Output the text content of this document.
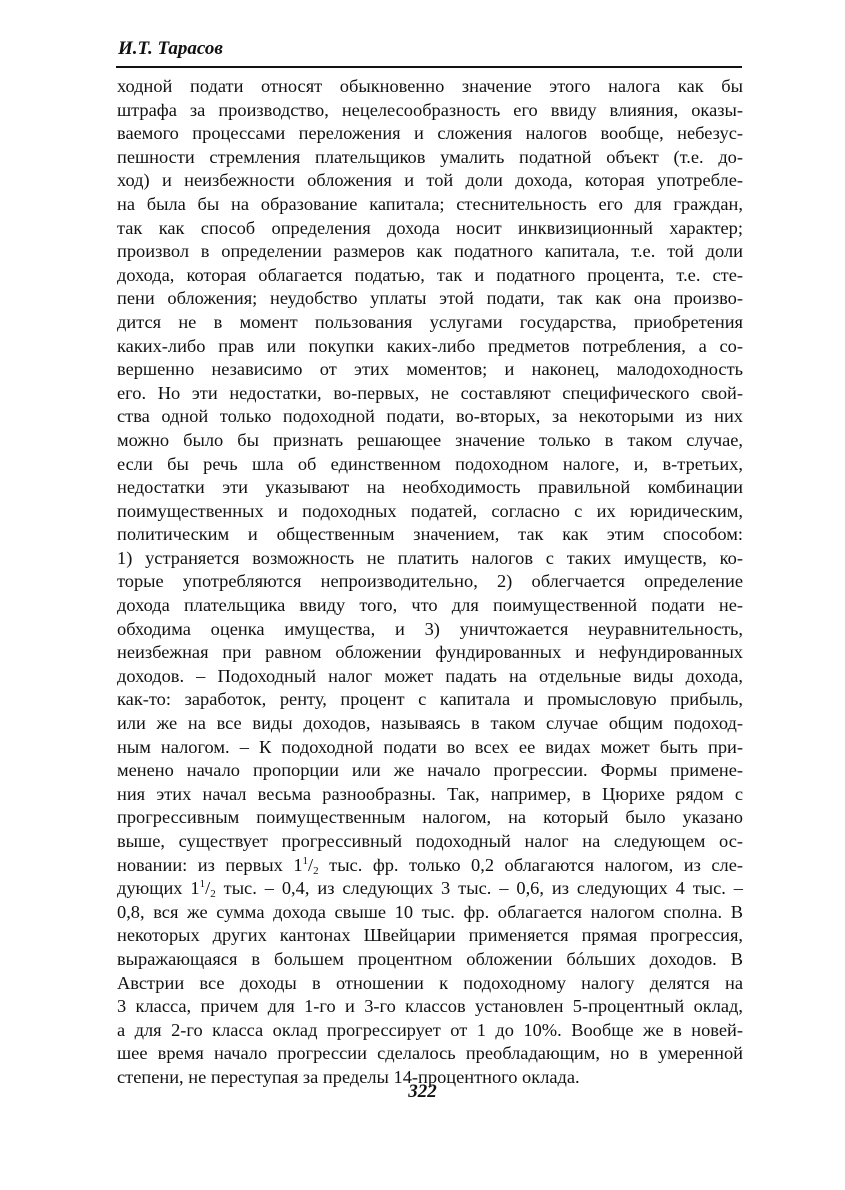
И.Т. Тарасов
ходной подати относят обыкновенно значение этого налога как бы
штрафа за производство, нецелесообразность его ввиду влияния, оказы-
ваемого процессами переложения и сложения налогов вообще, небезус-
пешности стремления плательщиков умалить податной объект (т.е. до-
ход) и неизбежности обложения и той доли дохода, которая употребле-
на была бы на образование капитала; стеснительность его для граждан,
так как способ определения дохода носит инквизиционный характер;
произвол в определении размеров как податного капитала, т.е. той доли
дохода, которая облагается податью, так и податного процента, т.е. сте-
пени обложения; неудобство уплаты этой подати, так как она произво-
дится не в момент пользования услугами государства, приобретения
каких-либо прав или покупки каких-либо предметов потребления, а со-
вершенно независимо от этих моментов; и наконец, малодоходность
его. Но эти недостатки, во-первых, не составляют специфического свой-
ства одной только подоходной подати, во-вторых, за некоторыми из них
можно было бы признать решающее значение только в таком случае,
если бы речь шла об единственном подоходном налоге, и, в-третьих,
недостатки эти указывают на необходимость правильной комбинации
поимущественных и подоходных податей, согласно с их юридическим,
политическим и общественным значением, так как этим способом:
1) устраняется возможность не платить налогов с таких имуществ, ко-
торые употребляются непроизводительно, 2) облегчается определение
дохода плательщика ввиду того, что для поимущественной подати не-
обходима оценка имущества, и 3) уничтожается неуравнительность,
неизбежная при равном обложении фундированных и нефундированных
доходов. – Подоходный налог может падать на отдельные виды дохода,
как-то: заработок, ренту, процент с капитала и промысловую прибыль,
или же на все виды доходов, называясь в таком случае общим подоход-
ным налогом. – К подоходной подати во всех ее видах может быть при-
менено начало пропорции или же начало прогрессии. Формы примене-
ния этих начал весьма разнообразны. Так, например, в Цюрихе рядом с
прогрессивным поимущественным налогом, на который было указано
выше, существует прогрессивный подоходный налог на следующем ос-
новании: из первых $1^1/_2$ тыс. фр. только 0,2 облагаются налогом, из сле-
дующих $1^1/_2$ тыс. – 0,4, из следующих 3 тыс. – 0,6, из следующих 4 тыс. –
0,8, вся же сумма дохода свыше 10 тыс. фр. облагается налогом сполна. В
некоторых других кантонах Швейцарии применяется прямая прогрессия,
выражающаяся в большем процентном обложении бóльших доходов. В
Австрии все доходы в отношении к подоходному налогу делятся на
3 класса, причем для 1-го и 3-го классов установлен 5-процентный оклад,
а для 2-го класса оклад прогрессирует от 1 до 10%. Вообще же в новей-
шее время начало прогрессии сделалось преобладающим, но в умеренной
степени, не переступая за пределы 14-процентного оклада.
322
